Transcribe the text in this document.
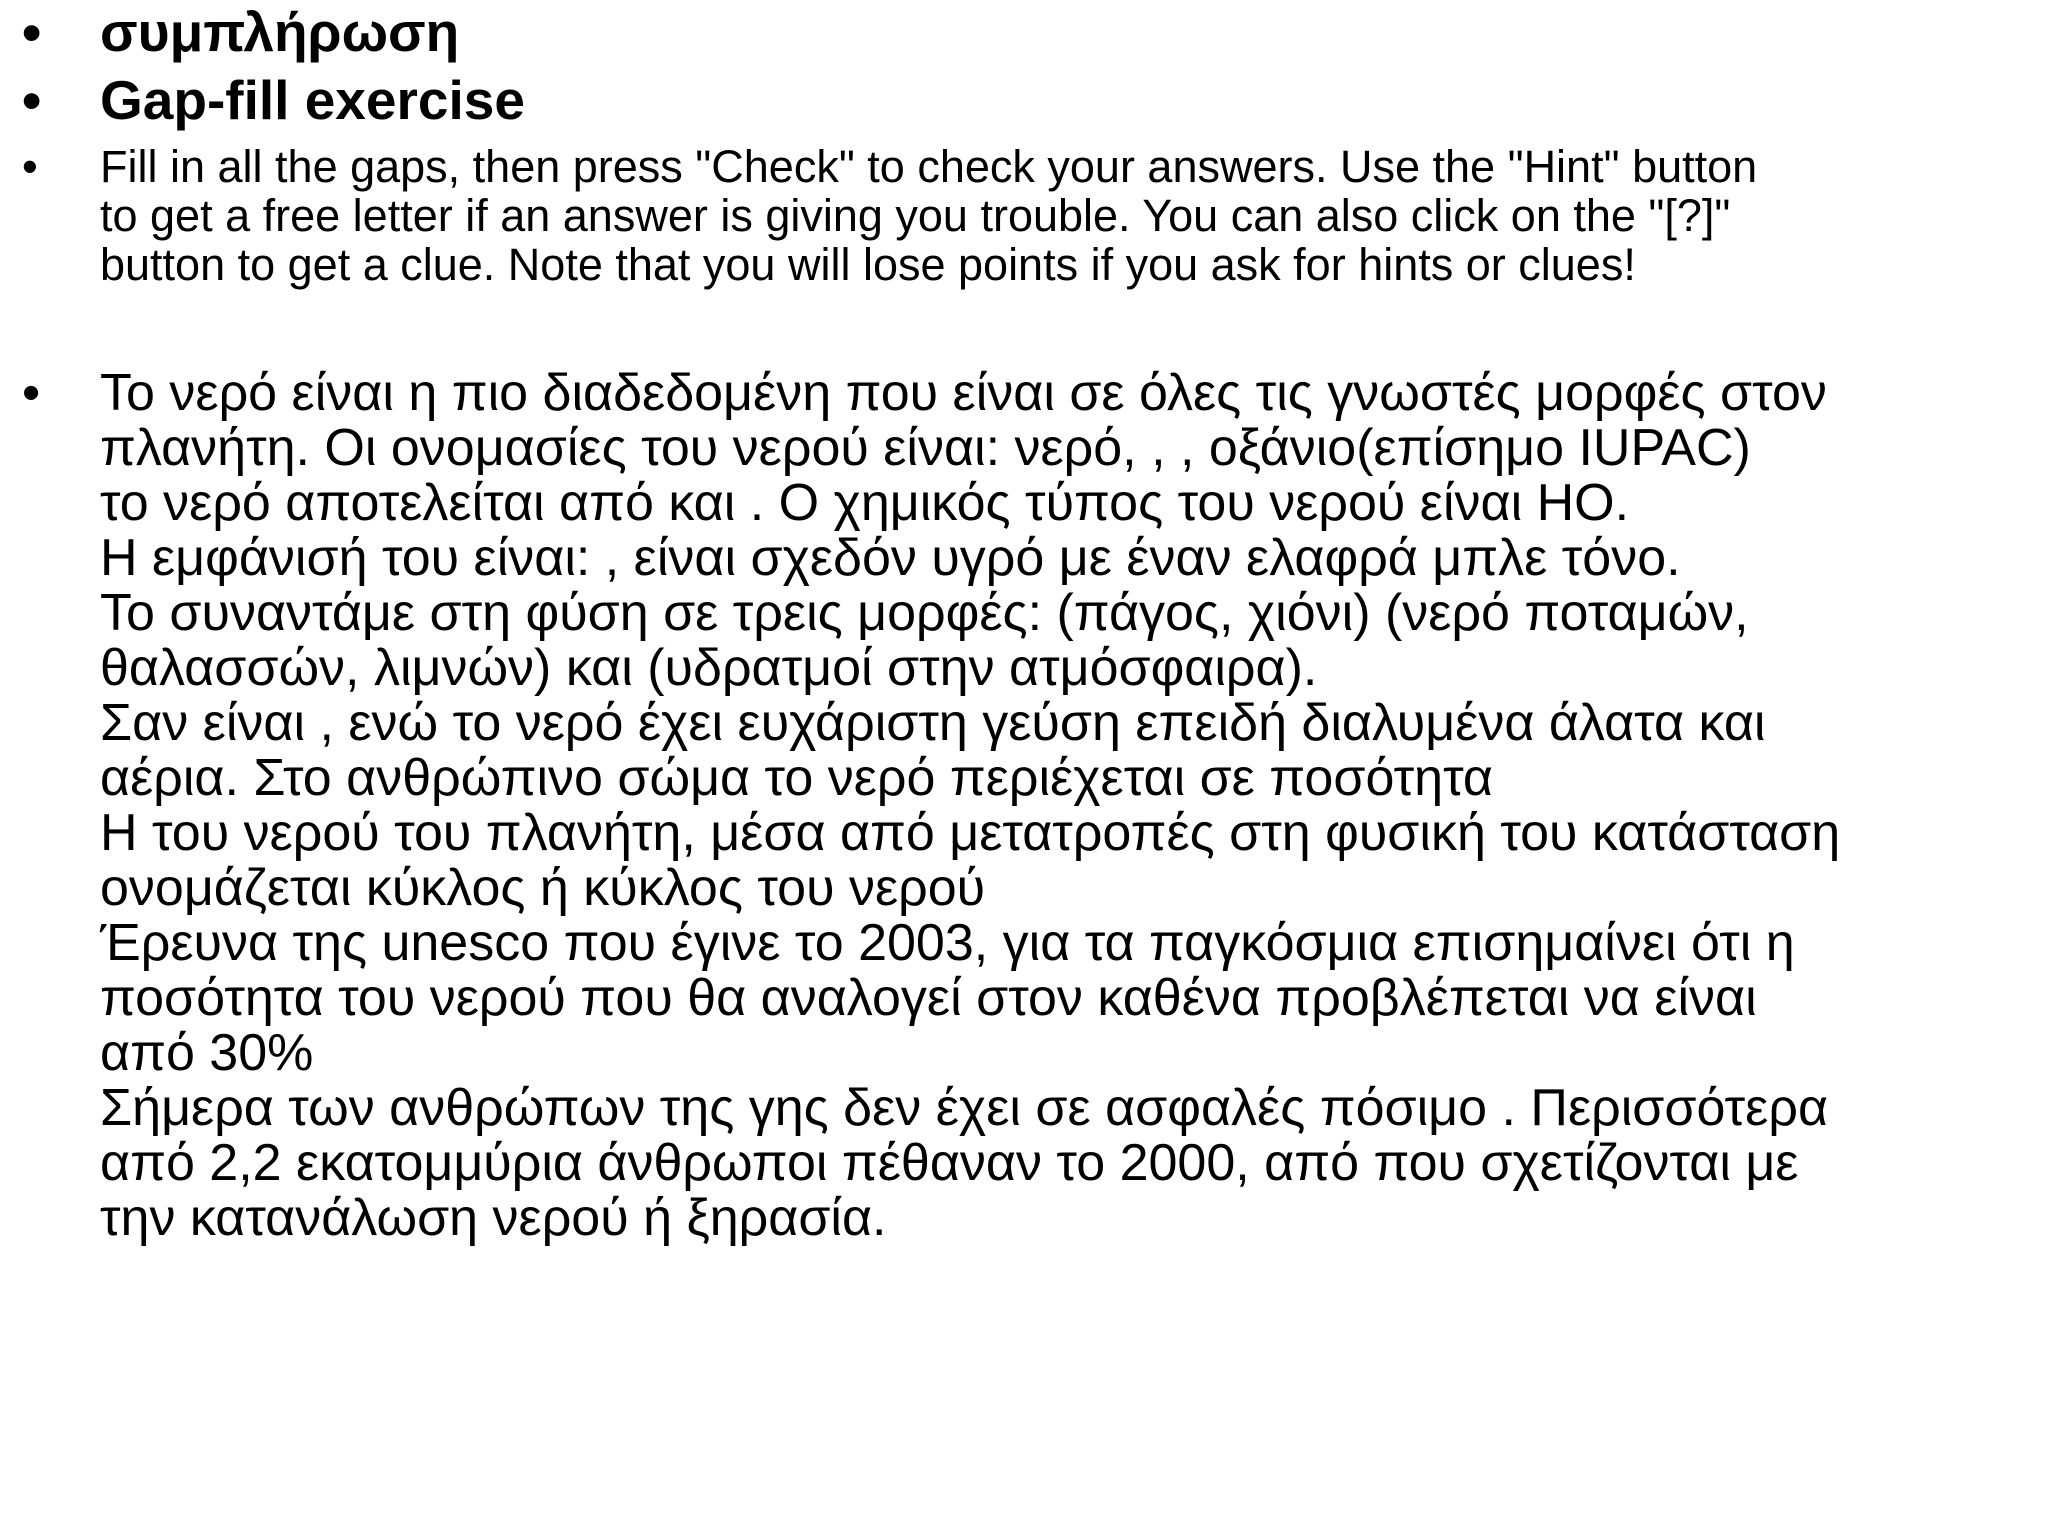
• συμπλήρωση
• Gap-fill exercise
• Fill in all the gaps, then press "Check" to check your answers. Use the "Hint" button
to get a free letter if an answer is giving you trouble. You can also click on the "[?]"
button to get a clue. Note that you will lose points if you ask for hints or clues!
• Το νερό είναι η πιο διαδεδομένη που είναι σε όλες τις γνωστές μορφές στον
πλανήτη. Οι ονομασίες του νερού είναι: νερό, , , οξάνιο(επίσημο IUPAC)
το νερό αποτελείται από και . Ο χημικός τύπος του νερού είναι HO.
Η εμφάνισή του είναι: , είναι σχεδόν υγρό με έναν ελαφρά μπλε τόνο.
Το συναντάμε στη φύση σε τρεις μορφές: (πάγος, χιόνι) (νερό ποταμών,
θαλασσών, λιμνών) και (υδρατμοί στην ατμόσφαιρα).
Σαν είναι , ενώ το νερό έχει ευχάριστη γεύση επειδή διαλυμένα άλατα και
αέρια. Στο ανθρώπινο σώμα το νερό περιέχεται σε ποσότητα
Η του νερού του πλανήτη, μέσα από μετατροπές στη φυσική του κατάσταση
ονομάζεται κύκλος ή κύκλος του νερού
Έρευνα της unesco που έγινε το 2003, για τα παγκόσμια επισημαίνει ότι η
ποσότητα του νερού που θα αναλογεί στον καθένα προβλέπεται να είναι
από 30%
Σήμερα των ανθρώπων της γης δεν έχει σε ασφαλές πόσιμο . Περισσότερα
από 2,2 εκατομμύρια άνθρωποι πέθαναν το 2000, από που σχετίζονται με
την κατανάλωση νερού ή ξηρασία.
